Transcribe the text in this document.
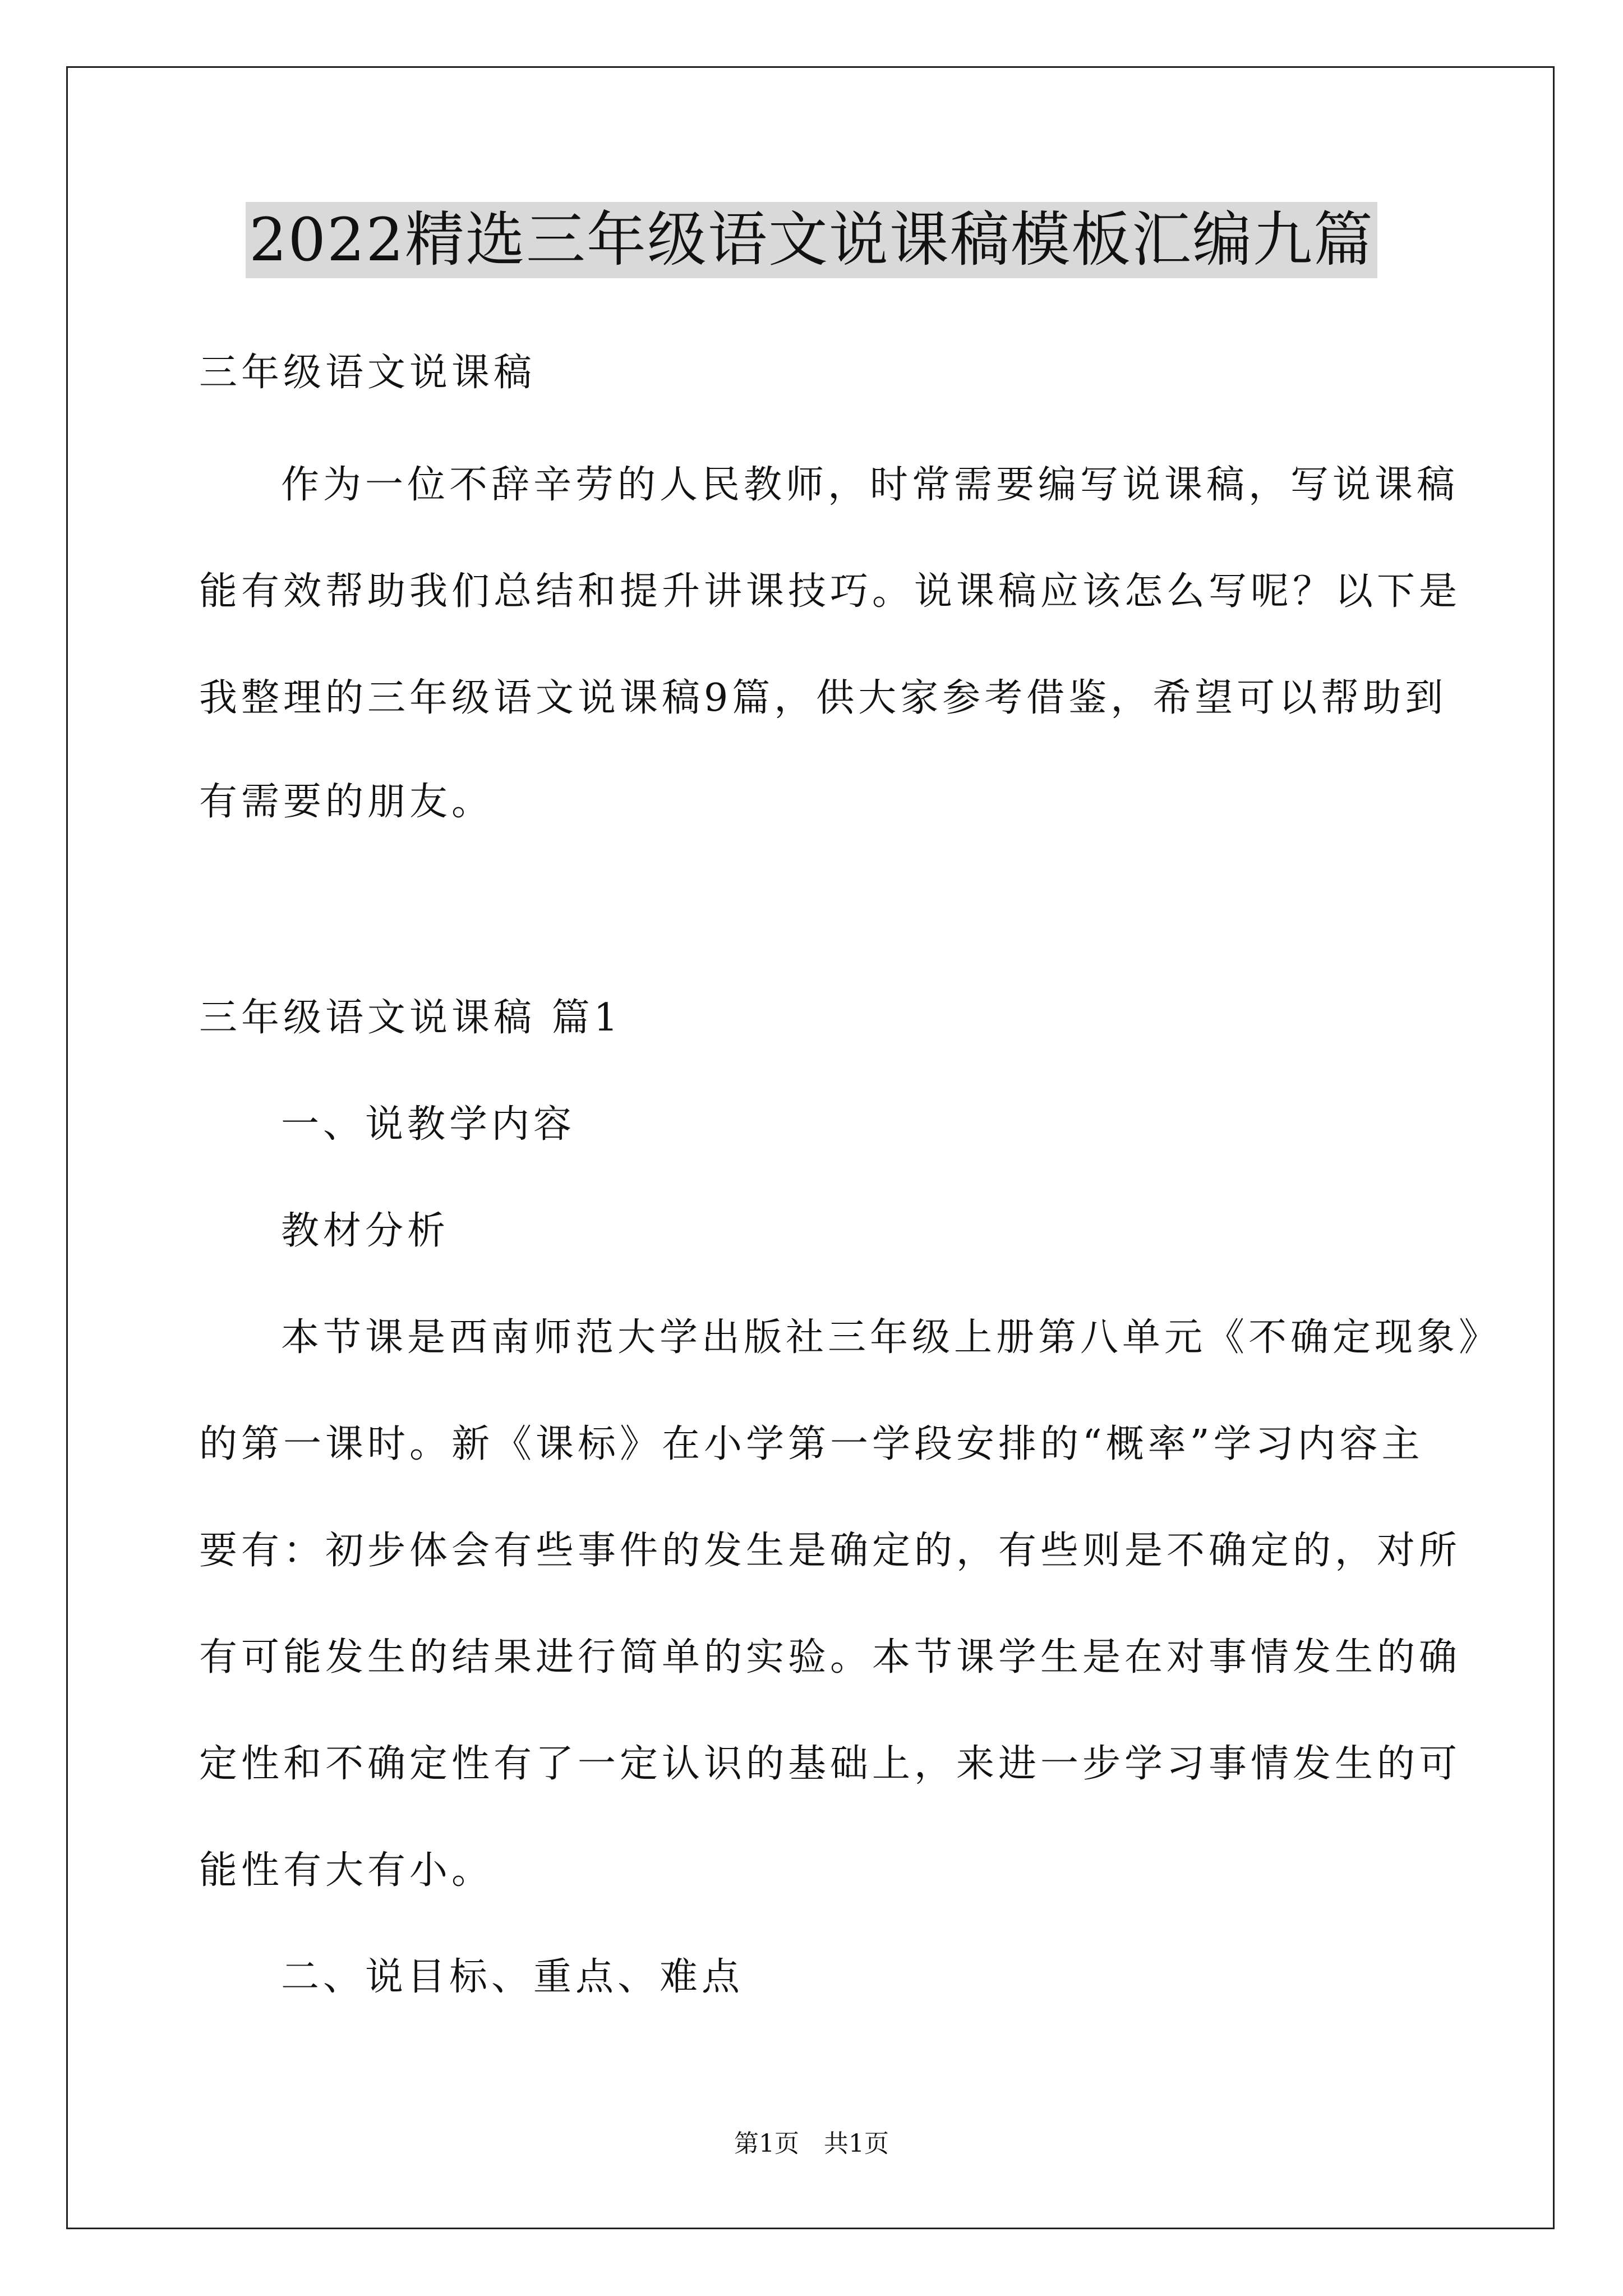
2022精选三年级语文说课稿模板汇编九篇
三年级语文说课稿
作为一位不辞辛劳的人民教师，时常需要编写说课稿，写说课稿
能有效帮助我们总结和提升讲课技巧。说课稿应该怎么写呢？以下是
我整理的三年级语文说课稿9篇，供大家参考借鉴，希望可以帮助到
有需要的朋友。
三年级语文说课稿 篇1
一、说教学内容
教材分析
本节课是西南师范大学出版社三年级上册第八单元《不确定现象》
的第一课时。新《课标》在小学第一学段安排的“概率”学习内容主
要有：初步体会有些事件的发生是确定的，有些则是不确定的，对所
有可能发生的结果进行简单的实验。本节课学生是在对事情发生的确
定性和不确定性有了一定认识的基础上，来进一步学习事情发生的可
能性有大有小。
二、说目标、重点、难点
第1页 共1页
